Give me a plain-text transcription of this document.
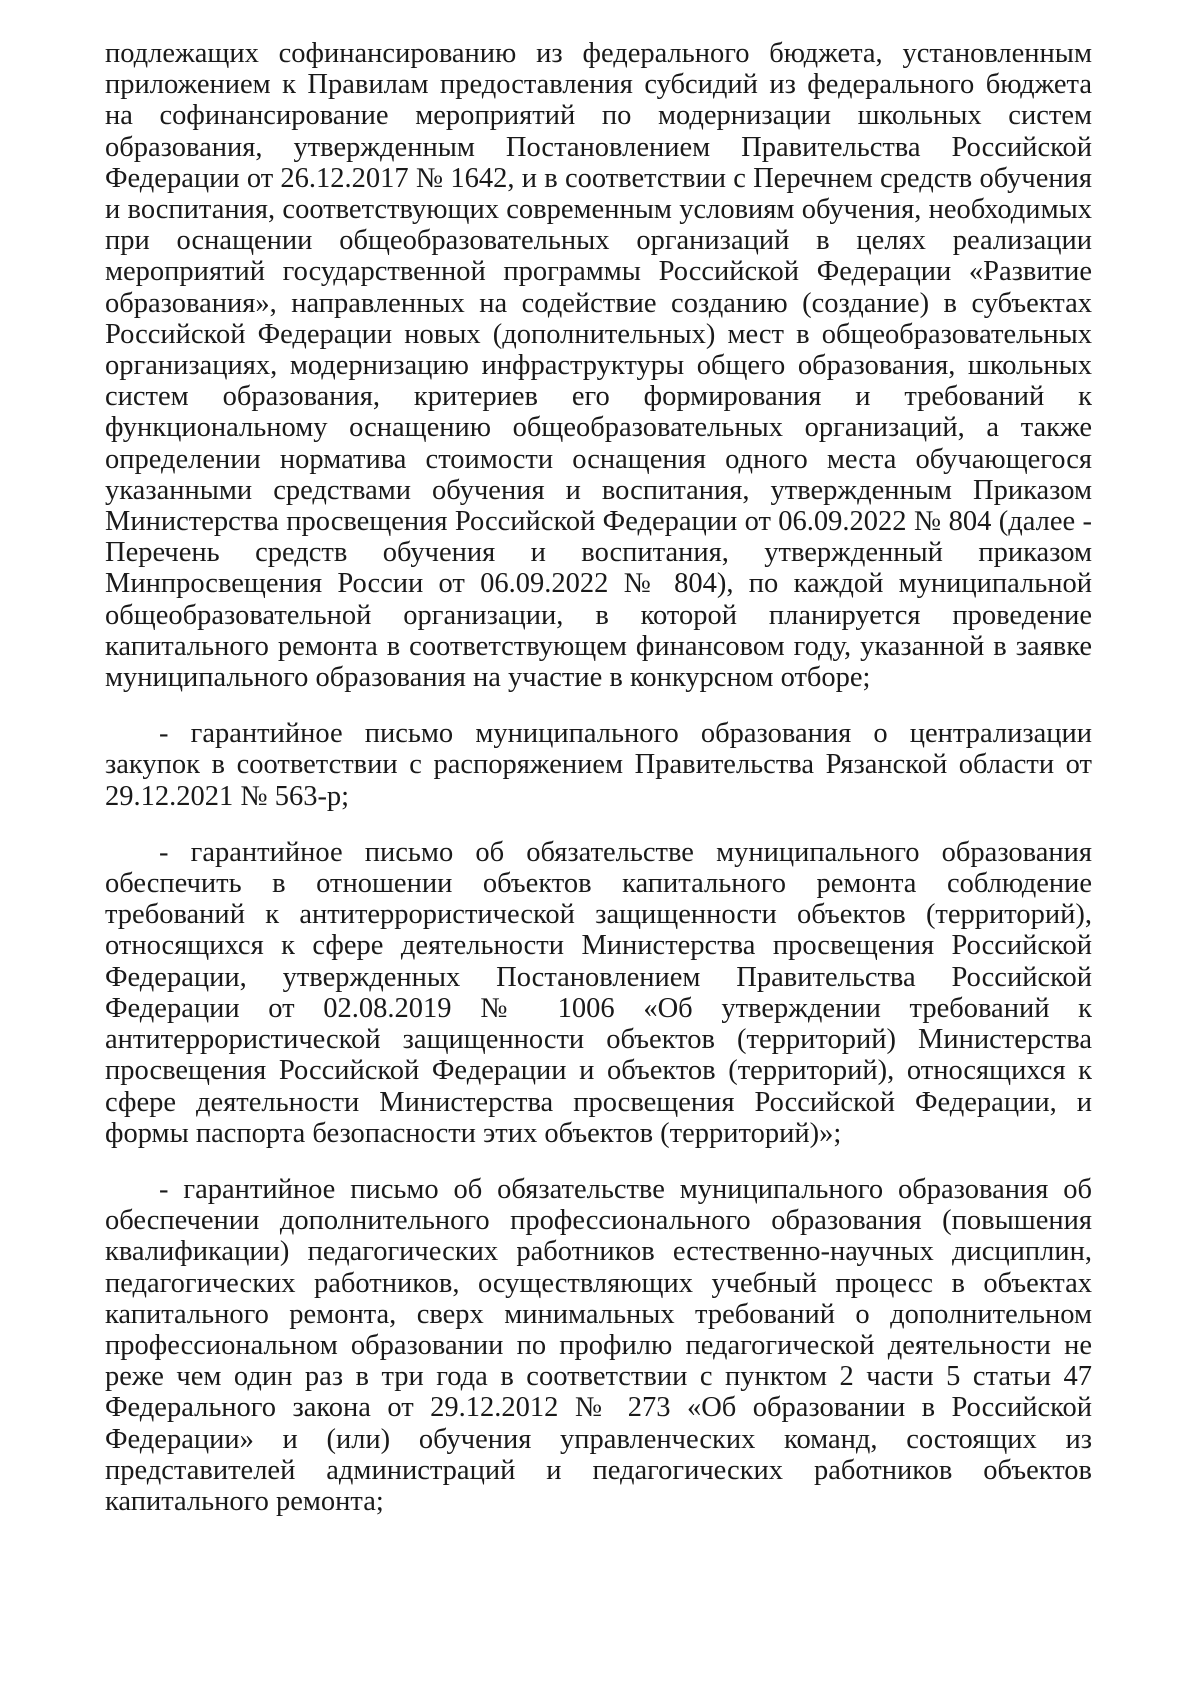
подлежащих софинансированию из федерального бюджета, установленным приложением к Правилам предоставления субсидий из федерального бюджета на софинансирование мероприятий по модернизации школьных систем образования, утвержденным Постановлением Правительства Российской Федерации от 26.12.2017 № 1642, и в соответствии с Перечнем средств обучения и воспитания, соответствующих современным условиям обучения, необходимых при оснащении общеобразовательных организаций в целях реализации мероприятий государственной программы Российской Федерации «Развитие образования», направленных на содействие созданию (создание) в субъектах Российской Федерации новых (дополнительных) мест в общеобразовательных организациях, модернизацию инфраструктуры общего образования, школьных систем образования, критериев его формирования и требований к функциональному оснащению общеобразовательных организаций, а также определении норматива стоимости оснащения одного места обучающегося указанными средствами обучения и воспитания, утвержденным Приказом Министерства просвещения Российской Федерации от 06.09.2022 № 804 (далее - Перечень средств обучения и воспитания, утвержденный приказом Минпросвещения России от 06.09.2022 № 804), по каждой муниципальной общеобразовательной организации, в которой планируется проведение капитального ремонта в соответствующем финансовом году, указанной в заявке муниципального образования на участие в конкурсном отборе;

- гарантийное письмо муниципального образования о централизации закупок в соответствии с распоряжением Правительства Рязанской области от 29.12.2021 № 563-р;

- гарантийное письмо об обязательстве муниципального образования обеспечить в отношении объектов капитального ремонта соблюдение требований к антитеррористической защищенности объектов (территорий), относящихся к сфере деятельности Министерства просвещения Российской Федерации, утвержденных Постановлением Правительства Российской Федерации от 02.08.2019 № 1006 «Об утверждении требований к антитеррористической защищенности объектов (территорий) Министерства просвещения Российской Федерации и объектов (территорий), относящихся к сфере деятельности Министерства просвещения Российской Федерации, и формы паспорта безопасности этих объектов (территорий)»;

- гарантийное письмо об обязательстве муниципального образования об обеспечении дополнительного профессионального образования (повышения квалификации) педагогических работников естественно-научных дисциплин, педагогических работников, осуществляющих учебный процесс в объектах капитального ремонта, сверх минимальных требований о дополнительном профессиональном образовании по профилю педагогической деятельности не реже чем один раз в три года в соответствии с пунктом 2 части 5 статьи 47 Федерального закона от 29.12.2012 № 273 «Об образовании в Российской Федерации» и (или) обучения управленческих команд, состоящих из представителей администраций и педагогических работников объектов капитального ремонта;
